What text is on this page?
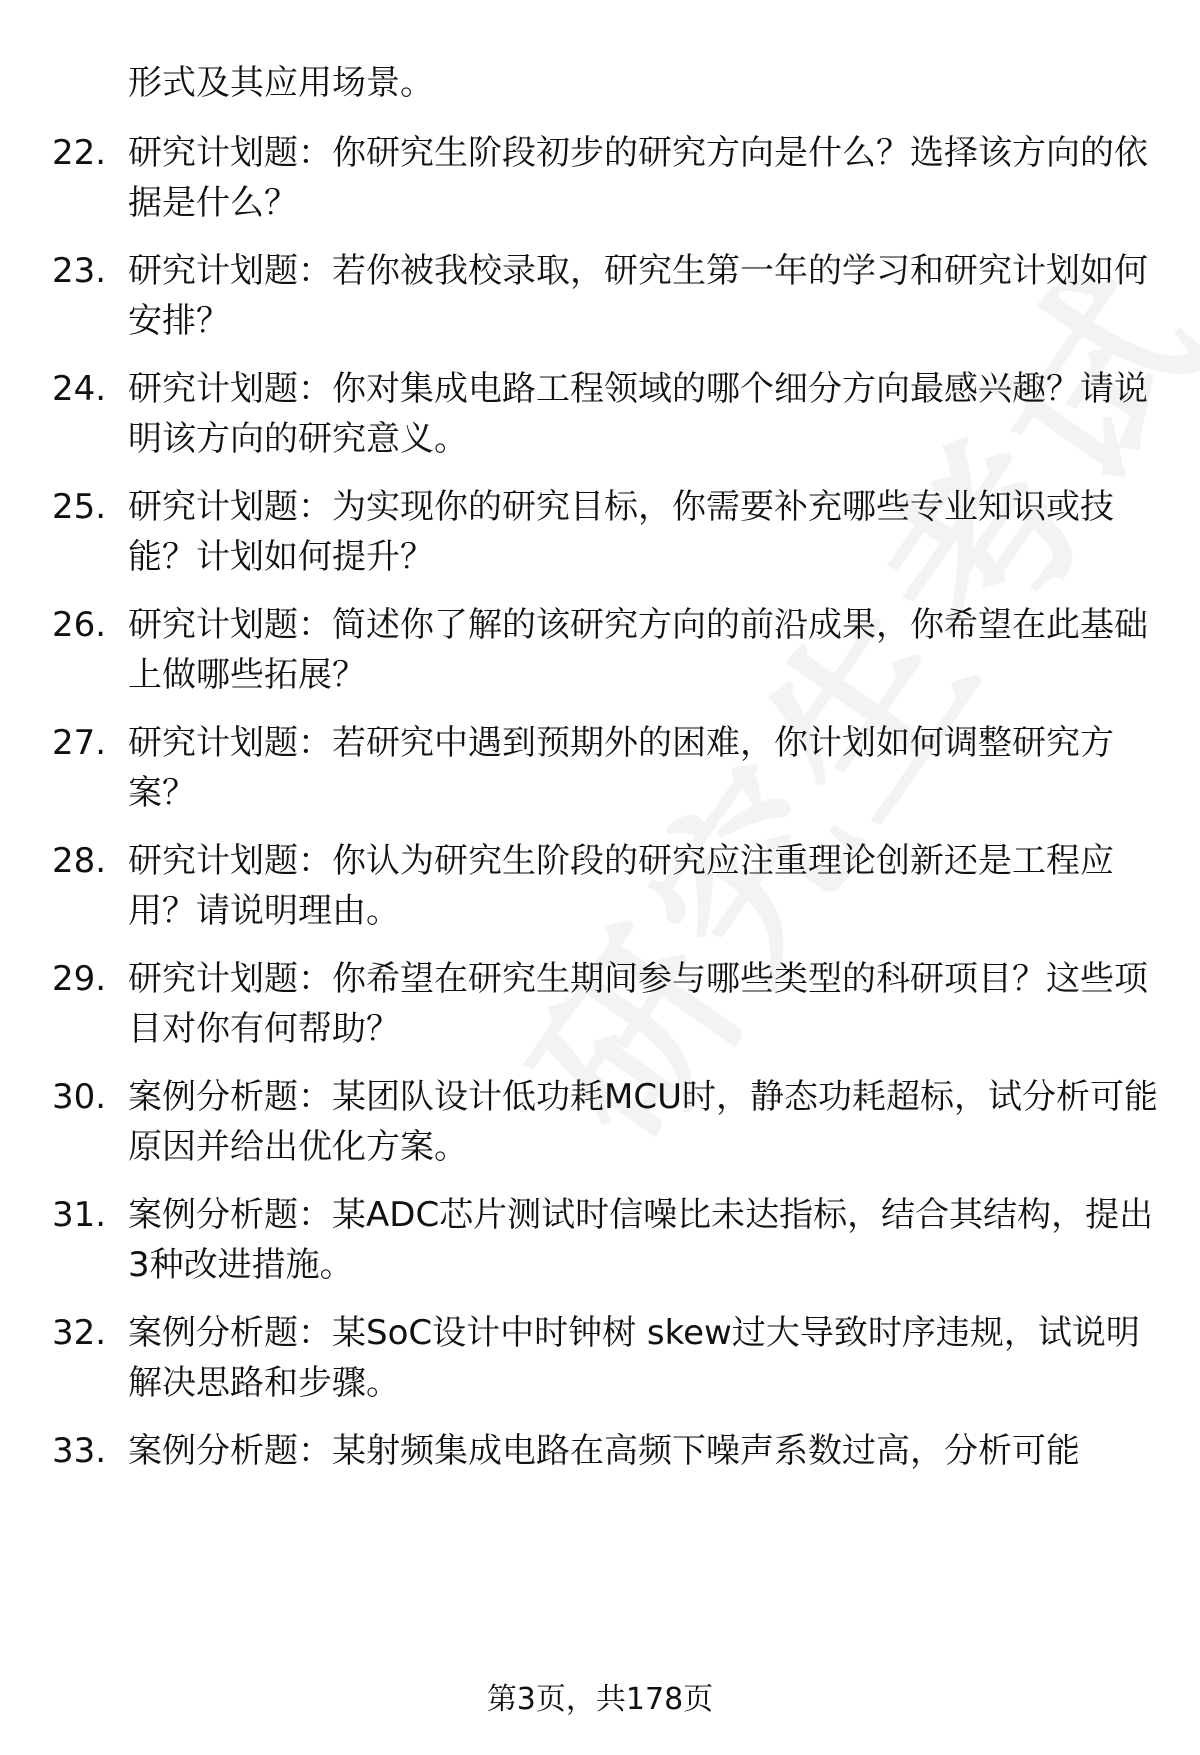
形式及其应用场景。
22. 研究计划题：你研究生阶段初步的研究方向是什么？选择该方向的依据是什么？
23. 研究计划题：若你被我校录取，研究生第一年的学习和研究计划如何安排？
24. 研究计划题：你对集成电路工程领域的哪个细分方向最感兴趣？请说明该方向的研究意义。
25. 研究计划题：为实现你的研究目标，你需要补充哪些专业知识或技能？计划如何提升？
26. 研究计划题：简述你了解的该研究方向的前沿成果，你希望在此基础上做哪些拓展？
27. 研究计划题：若研究中遇到预期外的困难，你计划如何调整研究方案？
28. 研究计划题：你认为研究生阶段的研究应注重理论创新还是工程应用？请说明理由。
29. 研究计划题：你希望在研究生期间参与哪些类型的科研项目？这些项目对你有何帮助？
30. 案例分析题：某团队设计低功耗MCU时，静态功耗超标，试分析可能原因并给出优化方案。
31. 案例分析题：某ADC芯片测试时信噪比未达指标，结合其结构，提出3种改进措施。
32. 案例分析题：某SoC设计中时钟树 skew过大导致时序违规，试说明解决思路和步骤。
33. 案例分析题：某射频集成电路在高频下噪声系数过高，分析可能
第3页，共178页
